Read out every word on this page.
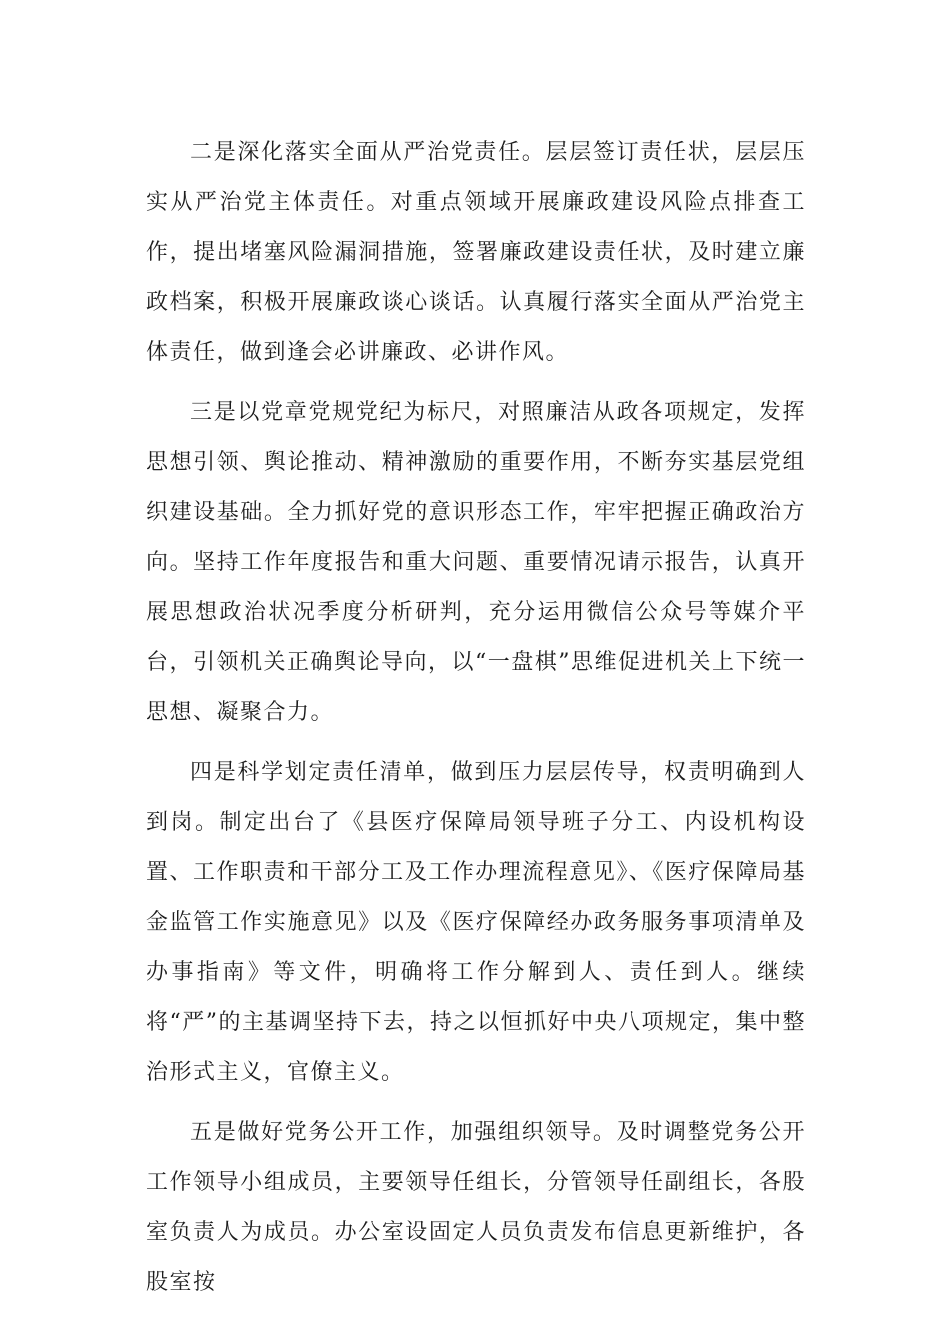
二是深化落实全面从严治党责任。层层签订责任状，层层压实从严治党主体责任。对重点领域开展廉政建设风险点排查工作，提出堵塞风险漏洞措施，签署廉政建设责任状，及时建立廉政档案，积极开展廉政谈心谈话。认真履行落实全面从严治党主体责任，做到逢会必讲廉政、必讲作风。

三是以党章党规党纪为标尺，对照廉洁从政各项规定，发挥思想引领、舆论推动、精神激励的重要作用，不断夯实基层党组织建设基础。全力抓好党的意识形态工作，牢牢把握正确政治方向。坚持工作年度报告和重大问题、重要情况请示报告，认真开展思想政治状况季度分析研判，充分运用微信公众号等媒介平台，引领机关正确舆论导向，以“一盘棋”思维促进机关上下统一思想、凝聚合力。

四是科学划定责任清单，做到压力层层传导，权责明确到人到岗。制定出台了《县医疗保障局领导班子分工、内设机构设置、工作职责和干部分工及工作办理流程意见》、《医疗保障局基金监管工作实施意见》以及《医疗保障经办政务服务事项清单及办事指南》等文件，明确将工作分解到人、责任到人。继续将“严”的主基调坚持下去，持之以恒抓好中央八项规定，集中整治形式主义，官僚主义。

五是做好党务公开工作，加强组织领导。及时调整党务公开工作领导小组成员，主要领导任组长，分管领导任副组长，各股室负责人为成员。办公室设固定人员负责发布信息更新维护，各股室按
